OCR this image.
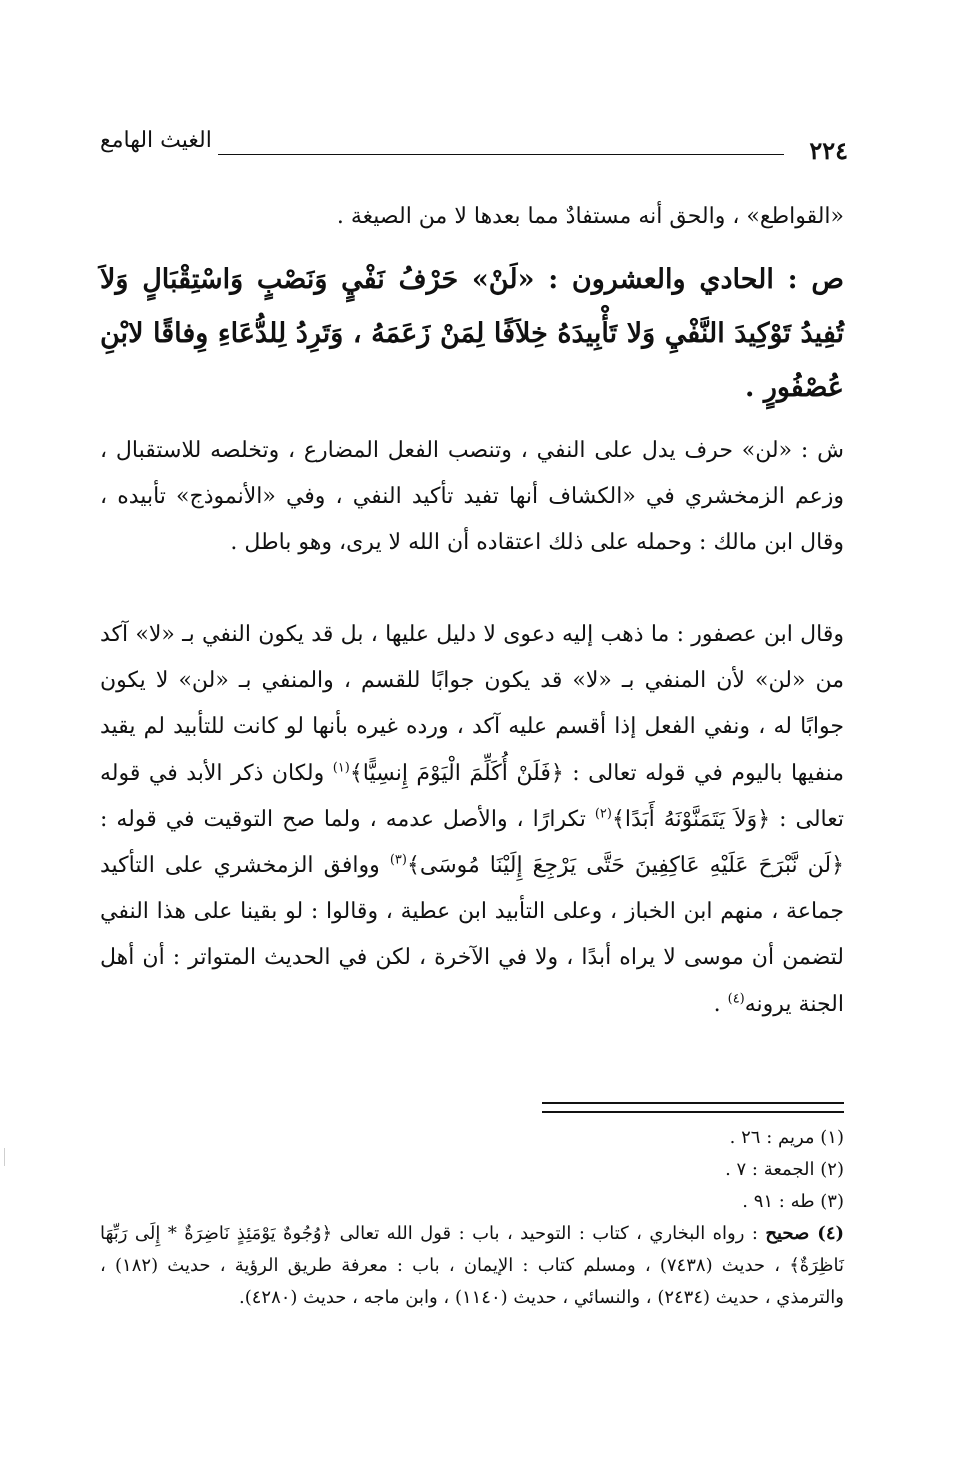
٢٢٤
الغيث الهامع
«القواطع» ، والحق أنه مستفادٌ مما بعدها لا من الصيغة .
ص : الحادي والعشرون : «لَنْ» حَرْفُ نَفْيٍ وَنَصْبٍ وَاسْتِقْبَالٍ وَلاَ تُفِيدُ تَوْكِيدَ النَّفْيِ وَلا تَأْبِيدَهُ خِلاَفًا لِمَنْ زَعَمَهُ ، وَتَرِدُ لِلدُّعَاءِ وِفاقًا لابْنِ عُصْفُورٍ .
ش : «لن» حرف يدل على النفي ، وتنصب الفعل المضارع ، وتخلصه للاستقبال ، وزعم الزمخشري في «الكشاف أنها تفيد تأكيد النفي ، وفي «الأنموذج» تأبيده ، وقال ابن مالك : وحمله على ذلك اعتقاده أن الله لا يرى، وهو باطل .
وقال ابن عصفور : ما ذهب إليه دعوى لا دليل عليها ، بل قد يكون النفي بـ «لا» آكد من «لن» لأن المنفي بـ «لا» قد يكون جوابًا للقسم ، والمنفي بـ «لن» لا يكون جوابًا له ، ونفي الفعل إذا أقسم عليه آكد ، ورده غيره بأنها لو كانت للتأبيد لم يقيد منفيها باليوم في قوله تعالى : ﴿فَلَنْ أُكَلِّمَ الْيَوْمَ إِنسِيًّا﴾$^{(١)}$ ولكان ذكر الأبد في قوله تعالى : ﴿وَلاَ يَتَمَنَّوْنَهُ أَبَدًا﴾$^{(٢)}$ تكرارًا ، والأصل عدمه ، ولما صح التوقيت في قوله : ﴿لَن نَّبْرَحَ عَلَيْهِ عَاكِفِينَ حَتَّى يَرْجِعَ إِلَيْنَا مُوسَى﴾$^{(٣)}$ ووافق الزمخشري على التأكيد جماعة ، منهم ابن الخباز ، وعلى التأبيد ابن عطية ، وقالوا : لو بقينا على هذا النفي لتضمن أن موسى لا يراه أبدًا ، ولا في الآخرة ، لكن في الحديث المتواتر : أن أهل الجنة يرونه$^{(٤)}$ .
(١) مريم : ٢٦ .
(٢) الجمعة : ٧ .
(٣) طه : ٩١ .
(٤) صحيح : رواه البخاري ، كتاب : التوحيد ، باب : قول الله تعالى ﴿وُجُوهٌ يَوْمَئِذٍ نَاضِرَةٌ * إِلَى رَبِّهَا نَاظِرَةٌ﴾ ، حديث (٧٤٣٨) ، ومسلم كتاب : الإيمان ، باب : معرفة طريق الرؤية ، حديث (١٨٢) ، والترمذي ، حديث (٢٤٣٤) ، والنسائي ، حديث (١١٤٠) ، وابن ماجه ، حديث (٤٢٨٠).
